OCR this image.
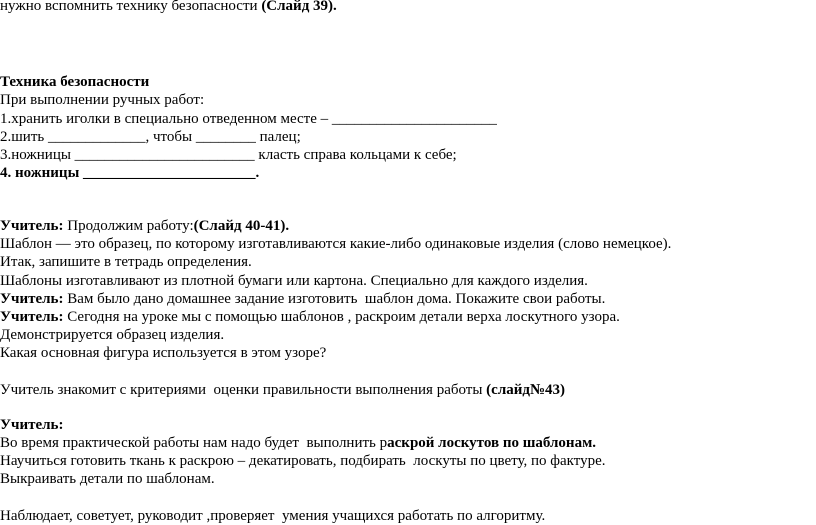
нужно вспомнить технику безопасности (Слайд 39).
Техника безопасности
При выполнении ручных работ:
1.хранить иголки в специально отведенном месте – ______________________
2.шить _____________, чтобы ________ палец;
3.ножницы ________________________ класть справа кольцами к себе;
4. ножницы _______________________.
Учитель: Продолжим работу:(Слайд 40-41).
Шаблон — это образец, по которому изготавливаются какие-либо одинаковые изделия (слово немецкое).
Итак, запишите в тетрадь определения.
Шаблоны изготавливают из плотной бумаги или картона. Специально для каждого изделия.
Учитель: Вам было дано домашнее задание изготовить  шаблон дома. Покажите свои работы.
Учитель: Сегодня на уроке мы с помощью шаблонов , раскроим детали верха лоскутного узора.
Демонстрируется образец изделия.
Какая основная фигура используется в этом узоре?
Учитель знакомит с критериями  оценки правильности выполнения работы (слайд№43)
Учитель:
Во время практической работы нам надо будет  выполнить раскрой лоскутов по шаблонам.
Научиться готовить ткань к раскрою – декатировать, подбирать  лоскуты по цвету, по фактуре.
Выкраивать детали по шаблонам.
Наблюдает, советует, руководит ,проверяет  умения учащихся работать по алгоритму.
